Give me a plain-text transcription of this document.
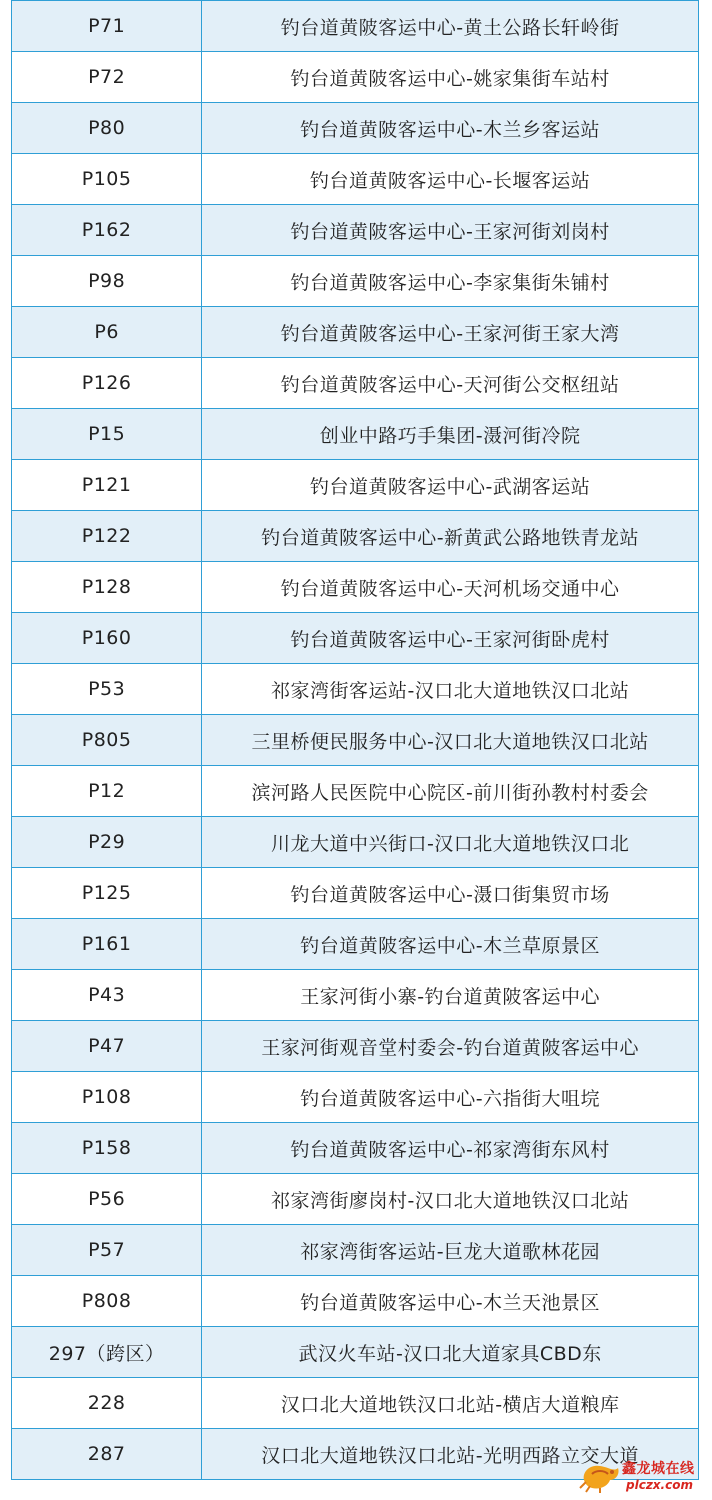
P71	钓台道黄陂客运中心-黄土公路长轩岭街
P72	钓台道黄陂客运中心-姚家集街车站村
P80	钓台道黄陂客运中心-木兰乡客运站
P105	钓台道黄陂客运中心-长堰客运站
P162	钓台道黄陂客运中心-王家河街刘岗村
P98	钓台道黄陂客运中心-李家集街朱铺村
P6	钓台道黄陂客运中心-王家河街王家大湾
P126	钓台道黄陂客运中心-天河街公交枢纽站
P15	创业中路巧手集团-滠河街冷院
P121	钓台道黄陂客运中心-武湖客运站
P122	钓台道黄陂客运中心-新黄武公路地铁青龙站
P128	钓台道黄陂客运中心-天河机场交通中心
P160	钓台道黄陂客运中心-王家河街卧虎村
P53	祁家湾街客运站-汉口北大道地铁汉口北站
P805	三里桥便民服务中心-汉口北大道地铁汉口北站
P12	滨河路人民医院中心院区-前川街孙教村村委会
P29	川龙大道中兴街口-汉口北大道地铁汉口北
P125	钓台道黄陂客运中心-滠口街集贸市场
P161	钓台道黄陂客运中心-木兰草原景区
P43	王家河街小寨-钓台道黄陂客运中心
P47	王家河街观音堂村委会-钓台道黄陂客运中心
P108	钓台道黄陂客运中心-六指街大咀垸
P158	钓台道黄陂客运中心-祁家湾街东风村
P56	祁家湾街廖岗村-汉口北大道地铁汉口北站
P57	祁家湾街客运站-巨龙大道歌林花园
P808	钓台道黄陂客运中心-木兰天池景区
297（跨区）	武汉火车站-汉口北大道家具CBD东
228	汉口北大道地铁汉口北站-横店大道粮库
287	汉口北大道地铁汉口北站-光明西路立交大道
鑫龙城在线
plczx.com
